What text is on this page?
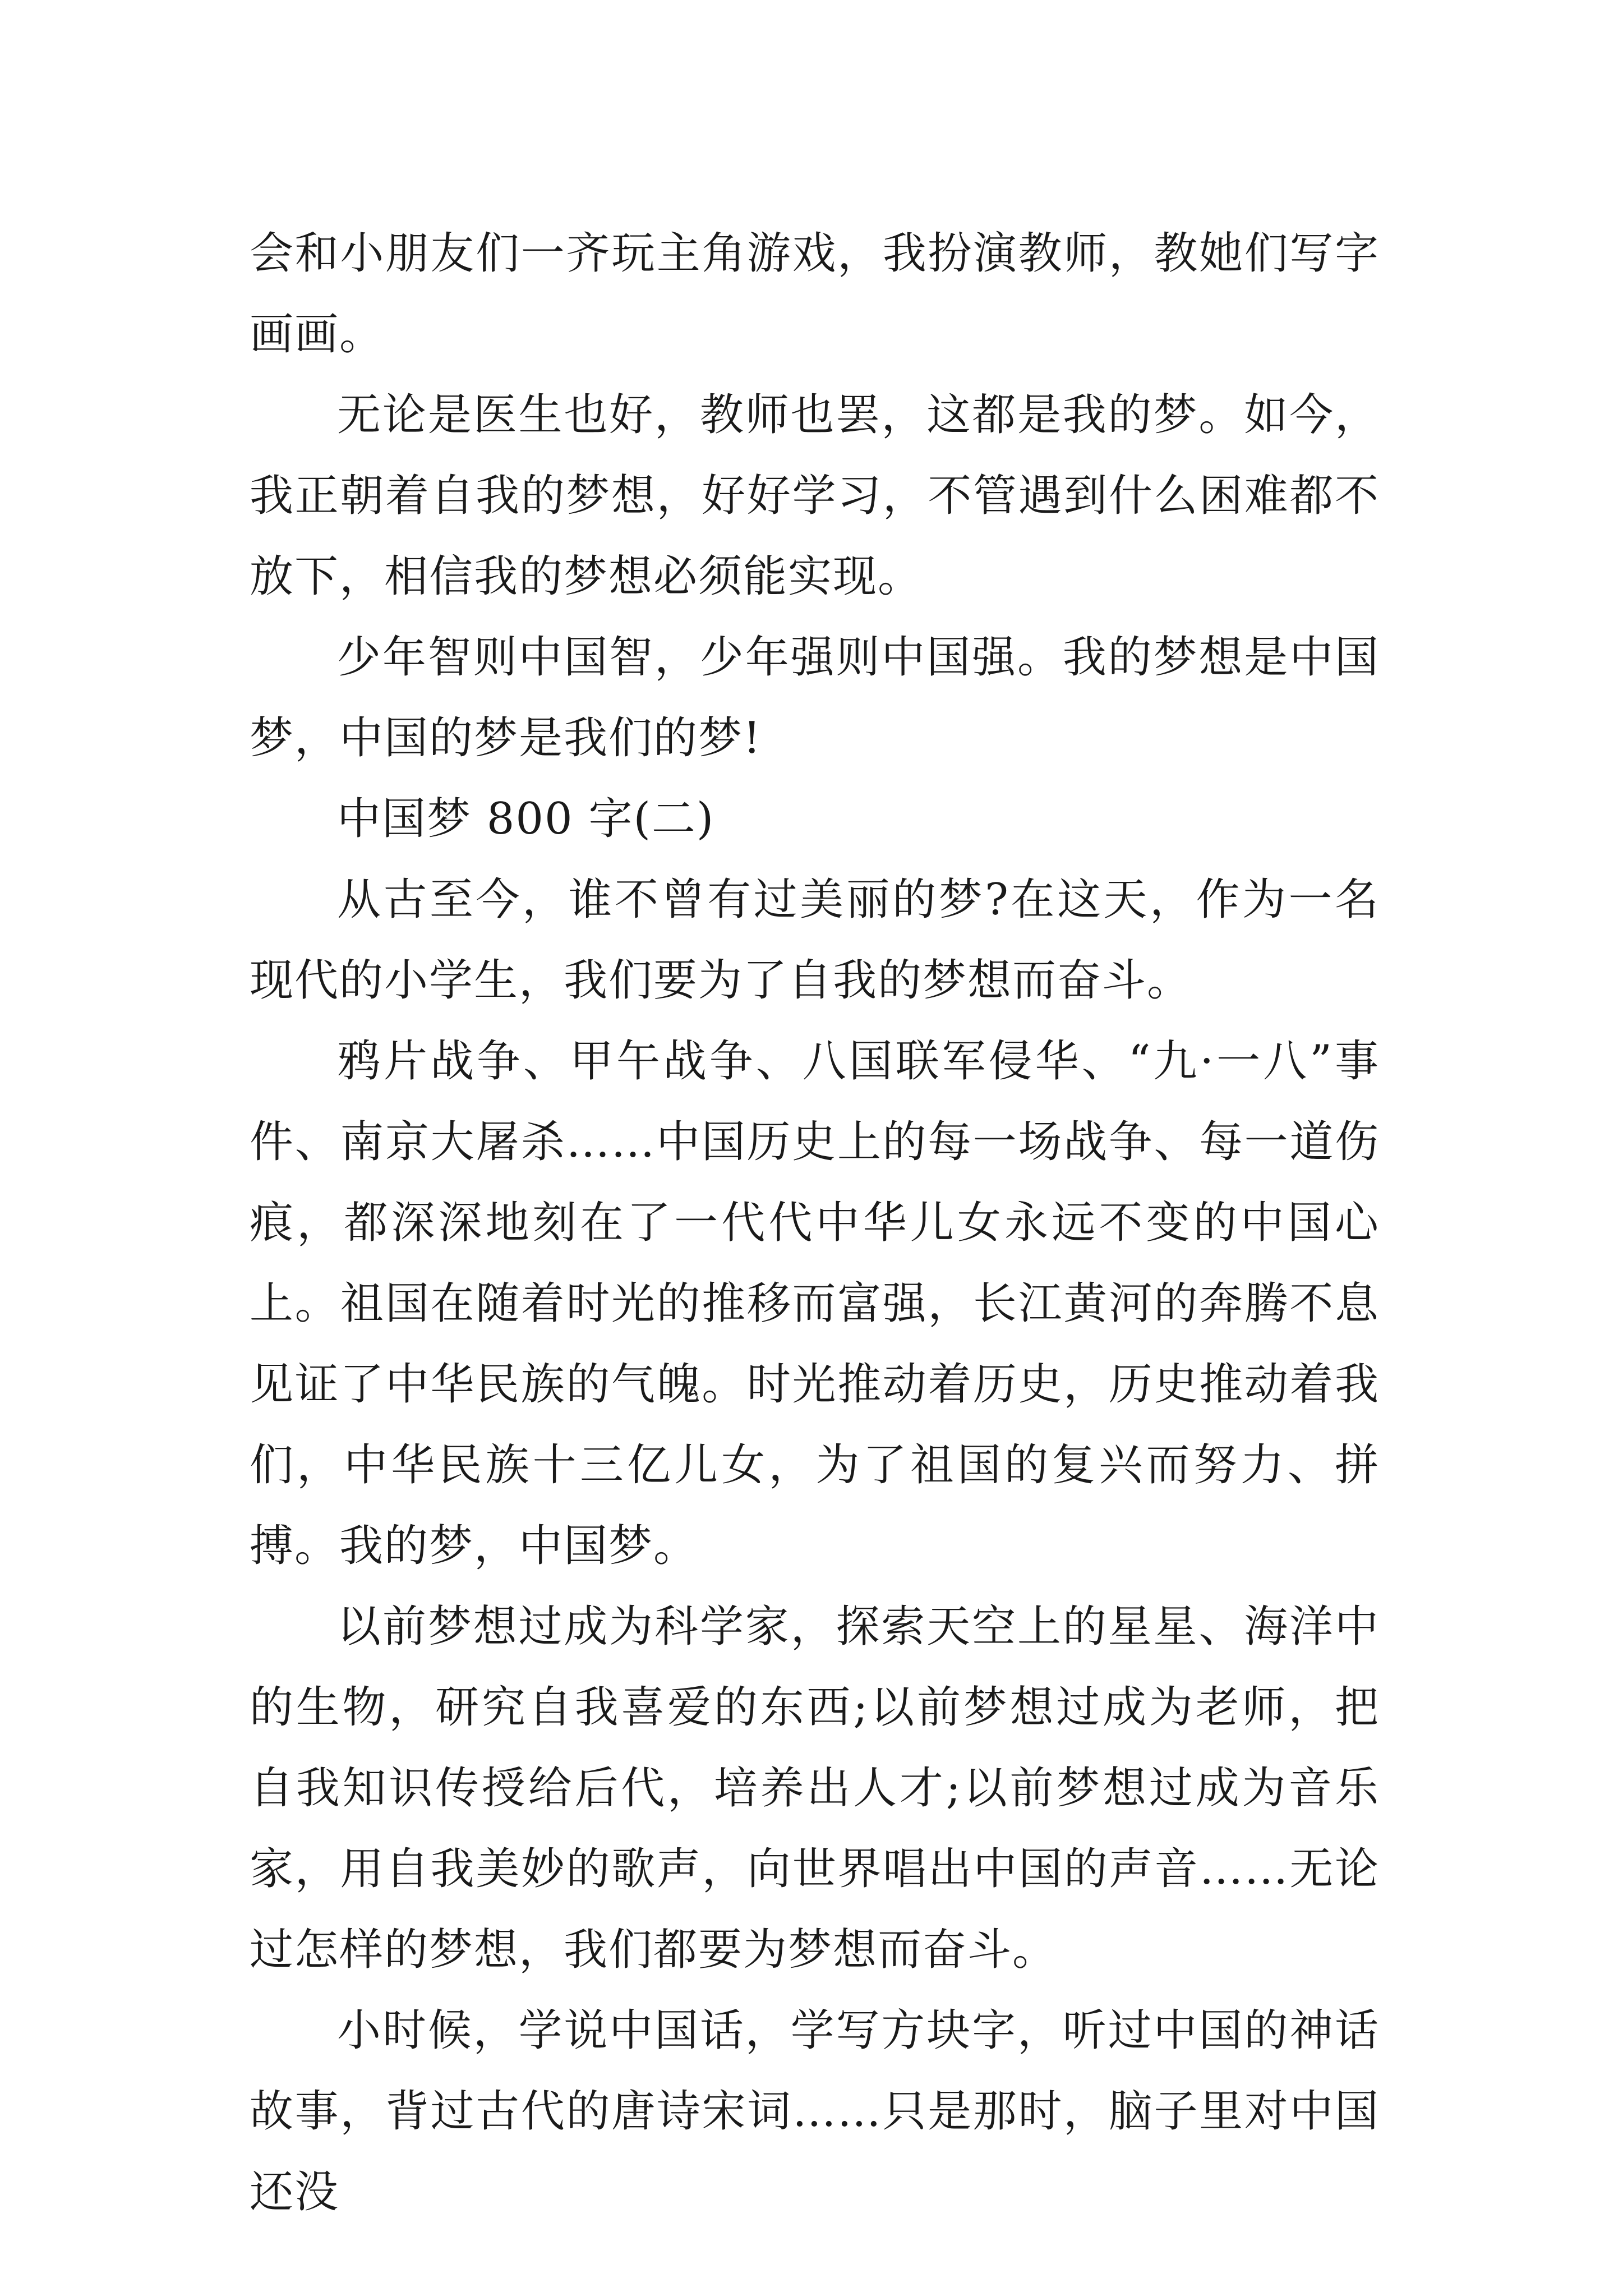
会和小朋友们一齐玩主角游戏，我扮演教师，教她们写字画画。

无论是医生也好，教师也罢，这都是我的梦。如今，我正朝着自我的梦想，好好学习，不管遇到什么困难都不放下，相信我的梦想必须能实现。

少年智则中国智，少年强则中国强。我的梦想是中国梦，中国的梦是我们的梦!

中国梦 800 字(二)

从古至今，谁不曾有过美丽的梦?在这天，作为一名现代的小学生，我们要为了自我的梦想而奋斗。

鸦片战争、甲午战争、八国联军侵华、“九·一八”事件、南京大屠杀……中国历史上的每一场战争、每一道伤痕，都深深地刻在了一代代中华儿女永远不变的中国心上。祖国在随着时光的推移而富强，长江黄河的奔腾不息见证了中华民族的气魄。时光推动着历史，历史推动着我们，中华民族十三亿儿女，为了祖国的复兴而努力、拼搏。我的梦，中国梦。

以前梦想过成为科学家，探索天空上的星星、海洋中的生物，研究自我喜爱的东西;以前梦想过成为老师，把自我知识传授给后代，培养出人才;以前梦想过成为音乐家，用自我美妙的歌声，向世界唱出中国的声音……无论过怎样的梦想，我们都要为梦想而奋斗。

小时候，学说中国话，学写方块字，听过中国的神话故事，背过古代的唐诗宋词……只是那时，脑子里对中国还没
